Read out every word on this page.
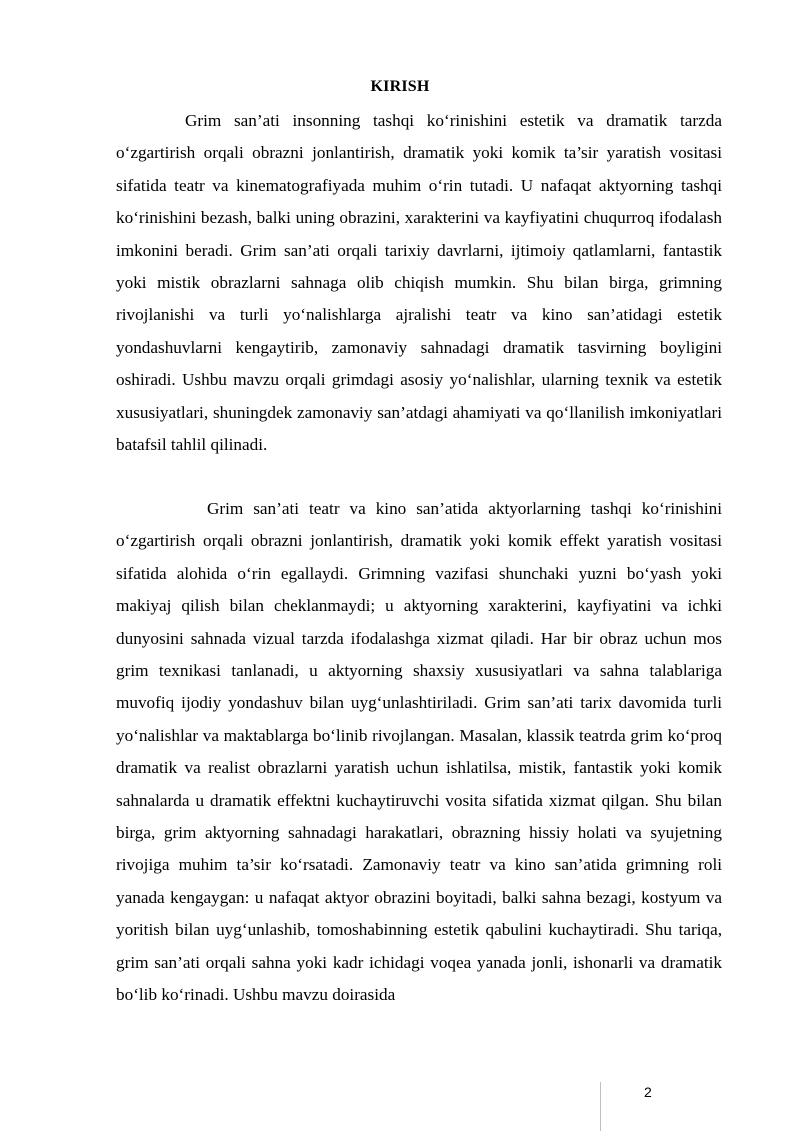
KIRISH

Grim san’ati insonning tashqi ko‘rinishini estetik va dramatik tarzda o‘zgartirish orqali obrazni jonlantirish, dramatik yoki komik ta’sir yaratish vositasi sifatida teatr va kinematografiyada muhim o‘rin tutadi. U nafaqat aktyorning tashqi ko‘rinishini bezash, balki uning obrazini, xarakterini va kayfiyatini chuqurroq ifodalash imkonini beradi. Grim san’ati orqali tarixiy davrlarni, ijtimoiy qatlamlarni, fantastik yoki mistik obrazlarni sahnaga olib chiqish mumkin. Shu bilan birga, grimning rivojlanishi va turli yo‘nalishlarga ajralishi teatr va kino san’atidagi estetik yondashuvlarni kengaytirib, zamonaviy sahnadagi dramatik tasvirning boyligini oshiradi. Ushbu mavzu orqali grimdagi asosiy yo‘nalishlar, ularning texnik va estetik xususiyatlari, shuningdek zamonaviy san’atdagi ahamiyati va qo‘llanilish imkoniyatlari batafsil tahlil qilinadi.

Grim san’ati teatr va kino san’atida aktyorlarning tashqi ko‘rinishini o‘zgartirish orqali obrazni jonlantirish, dramatik yoki komik effekt yaratish vositasi sifatida alohida o‘rin egallaydi. Grimning vazifasi shunchaki yuzni bo‘yash yoki makiyaj qilish bilan cheklanmaydi; u aktyorning xarakterini, kayfiyatini va ichki dunyosini sahnada vizual tarzda ifodalashga xizmat qiladi. Har bir obraz uchun mos grim texnikasi tanlanadi, u aktyorning shaxsiy xususiyatlari va sahna talablariga muvofiq ijodiy yondashuv bilan uyg‘unlashtiriladi. Grim san’ati tarix davomida turli yo‘nalishlar va maktablarga bo‘linib rivojlangan. Masalan, klassik teatrda grim ko‘proq dramatik va realist obrazlarni yaratish uchun ishlatilsa, mistik, fantastik yoki komik sahnalarda u dramatik effektni kuchaytiruvchi vosita sifatida xizmat qilgan. Shu bilan birga, grim aktyorning sahnadagi harakatlari, obrazning hissiy holati va syujetning rivojiga muhim ta’sir ko‘rsatadi. Zamonaviy teatr va kino san’atida grimning roli yanada kengaygan: u nafaqat aktyor obrazini boyitadi, balki sahna bezagi, kostyum va yoritish bilan uyg‘unlashib, tomoshabinning estetik qabulini kuchaytiradi. Shu tariqa, grim san’ati orqali sahna yoki kadr ichidagi voqea yanada jonli, ishonarli va dramatik bo‘lib ko‘rinadi. Ushbu mavzu doirasida

2
